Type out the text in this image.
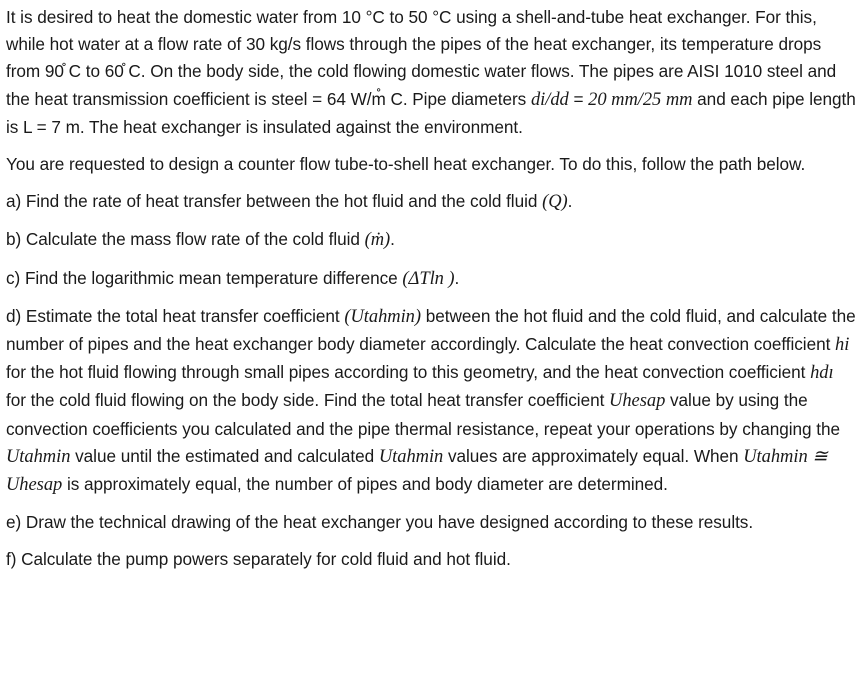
It is desired to heat the domestic water from 10 °C to 50 °C using a shell-and-tube heat exchanger. For this, while hot water at a flow rate of 30 kg/s flows through the pipes of the heat exchanger, its temperature drops from 90̊ C to 60̊ C. On the body side, the cold flowing domestic water flows. The pipes are AISI 1010 steel and the heat transmission coefficient is steel = 64 W/m̊ C. Pipe diameters di/dd = 20 mm/25 mm and each pipe length is L = 7 m. The heat exchanger is insulated against the environment.

You are requested to design a counter flow tube-to-shell heat exchanger. To do this, follow the path below.

a) Find the rate of heat transfer between the hot fluid and the cold fluid (Q).

b) Calculate the mass flow rate of the cold fluid (ṁ).

c) Find the logarithmic mean temperature difference (ΔTln ).

d) Estimate the total heat transfer coefficient (Utahmin) between the hot fluid and the cold fluid, and calculate the number of pipes and the heat exchanger body diameter accordingly. Calculate the heat convection coefficient hi for the hot fluid flowing through small pipes according to this geometry, and the heat convection coefficient hdı for the cold fluid flowing on the body side. Find the total heat transfer coefficient Uhesap value by using the convection coefficients you calculated and the pipe thermal resistance, repeat your operations by changing the Utahmin value until the estimated and calculated Utahmin values are approximately equal. When Utahmin ≅ Uhesap is approximately equal, the number of pipes and body diameter are determined.

e) Draw the technical drawing of the heat exchanger you have designed according to these results.

f) Calculate the pump powers separately for cold fluid and hot fluid.
